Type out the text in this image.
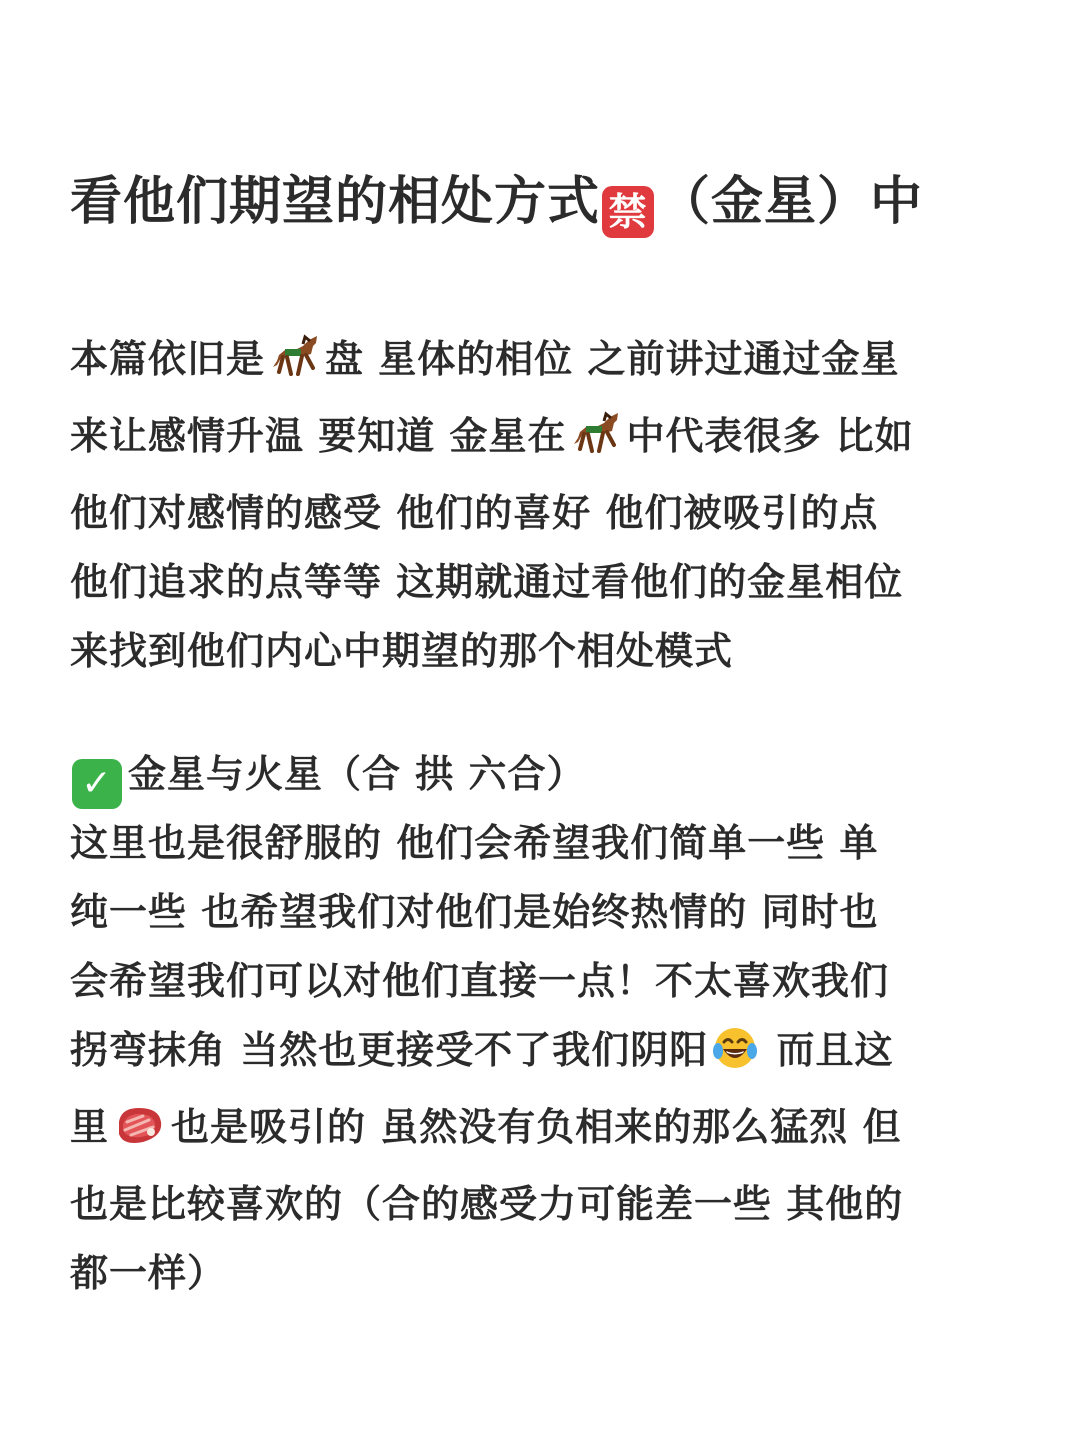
看他们期望的相处方式 禁 （金星）中
本篇依旧是 盘 星体的相位 之前讲过通过金星
来让感情升温 要知道 金星在 中代表很多 比如
他们对感情的感受 他们的喜好 他们被吸引的点
他们追求的点等等 这期就通过看他们的金星相位
来找到他们内心中期望的那个相处模式
✓ 金星与火星（合 拱 六合）
这里也是很舒服的 他们会希望我们简单一些 单
纯一些 也希望我们对他们是始终热情的 同时也
会希望我们可以对他们直接一点！不太喜欢我们
拐弯抹角 当然也更接受不了我们阴阳 而且这
里 也是吸引的 虽然没有负相来的那么猛烈 但
也是比较喜欢的（合的感受力可能差一些 其他的
都一样）
